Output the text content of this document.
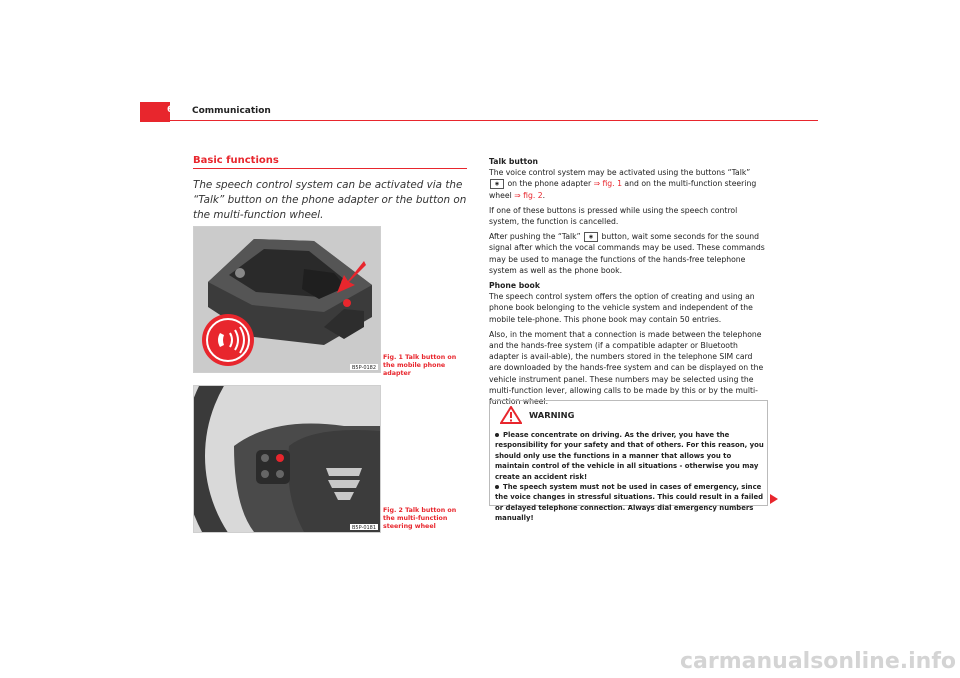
6 Communication
Basic functions
The speech control system can be activated via the “Talk” button on the phone adapter or the button on the multi-function wheel.
B5P-0182
Fig. 1 Talk button on the mobile phone adapter
B5P-0181
Fig. 2 Talk button on the multi-function steering wheel

Talk button

The voice control system may be activated using the buttons “Talk” ◉ on the phone adapter ⇒ fig. 1 and on the multi-function steering wheel ⇒ fig. 2.

If one of these buttons is pressed while using the speech control system, the function is cancelled.

After pushing the “Talk” ◉ button, wait some seconds for the sound signal after which the vocal commands may be used. These commands may be used to manage the functions of the hands-free telephone system as well as the phone book.

Phone book

The speech control system offers the option of creating and using an phone book belonging to the vehicle system and independent of the mobile tele-phone. This phone book may contain 50 entries.

Also, in the moment that a connection is made between the telephone and the hands-free system (if a compatible adapter or Bluetooth adapter is avail-able), the numbers stored in the telephone SIM card are downloaded by the hands-free system and can be displayed on the vehicle instrument panel. These numbers may be selected using the multi-function lever, allowing calls to be made by this or by the multi-function wheel.

WARNING
Please concentrate on driving. As the driver, you have the responsibility for your safety and that of others. For this reason, you should only use the functions in a manner that allows you to maintain control of the vehicle in all situations - otherwise you may create an accident risk!
The speech system must not be used in cases of emergency, since the voice changes in stressful situations. This could result in a failed or delayed telephone connection. Always dial emergency numbers manually!
carmanualsonline.info
